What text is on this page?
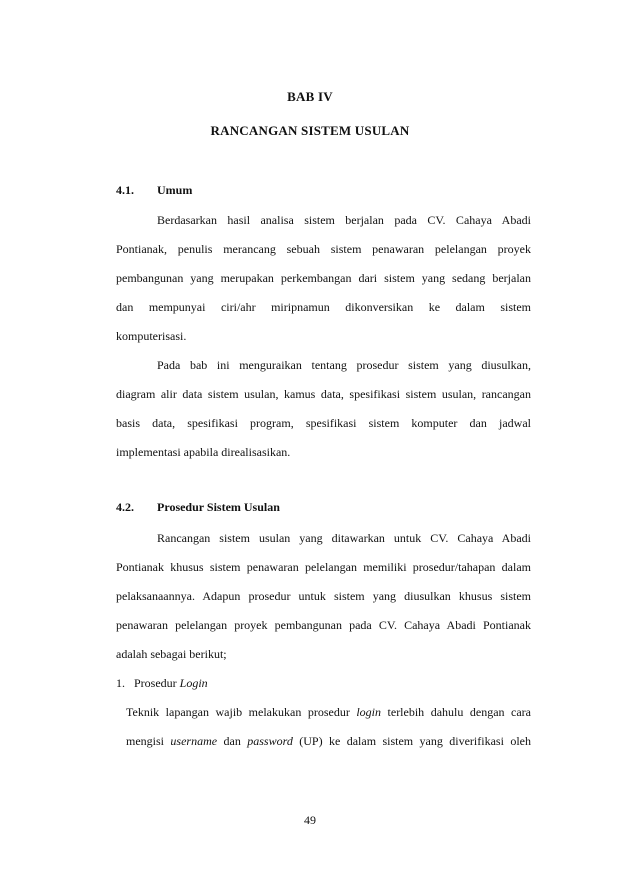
BAB IV
RANCANGAN SISTEM USULAN
4.1. Umum
Berdasarkan hasil analisa sistem berjalan pada CV. Cahaya Abadi
Pontianak, penulis merancang sebuah sistem penawaran pelelangan proyek
pembangunan yang merupakan perkembangan dari sistem yang sedang berjalan
dan mempunyai ciri/ahr miripnamun dikonversikan ke dalam sistem
komputerisasi.
Pada bab ini menguraikan tentang prosedur sistem yang diusulkan,
diagram alir data sistem usulan, kamus data, spesifikasi sistem usulan, rancangan
basis data, spesifikasi program, spesifikasi sistem komputer dan jadwal
implementasi apabila direalisasikan.
4.2. Prosedur Sistem Usulan
Rancangan sistem usulan yang ditawarkan untuk CV. Cahaya Abadi
Pontianak khusus sistem penawaran pelelangan memiliki prosedur/tahapan dalam
pelaksanaannya. Adapun prosedur untuk sistem yang diusulkan khusus sistem
penawaran pelelangan proyek pembangunan pada CV. Cahaya Abadi Pontianak
adalah sebagai berikut;
1.   Prosedur Login
Teknik lapangan wajib melakukan prosedur login terlebih dahulu dengan cara
mengisi username dan password (UP) ke dalam sistem yang diverifikasi oleh
49
